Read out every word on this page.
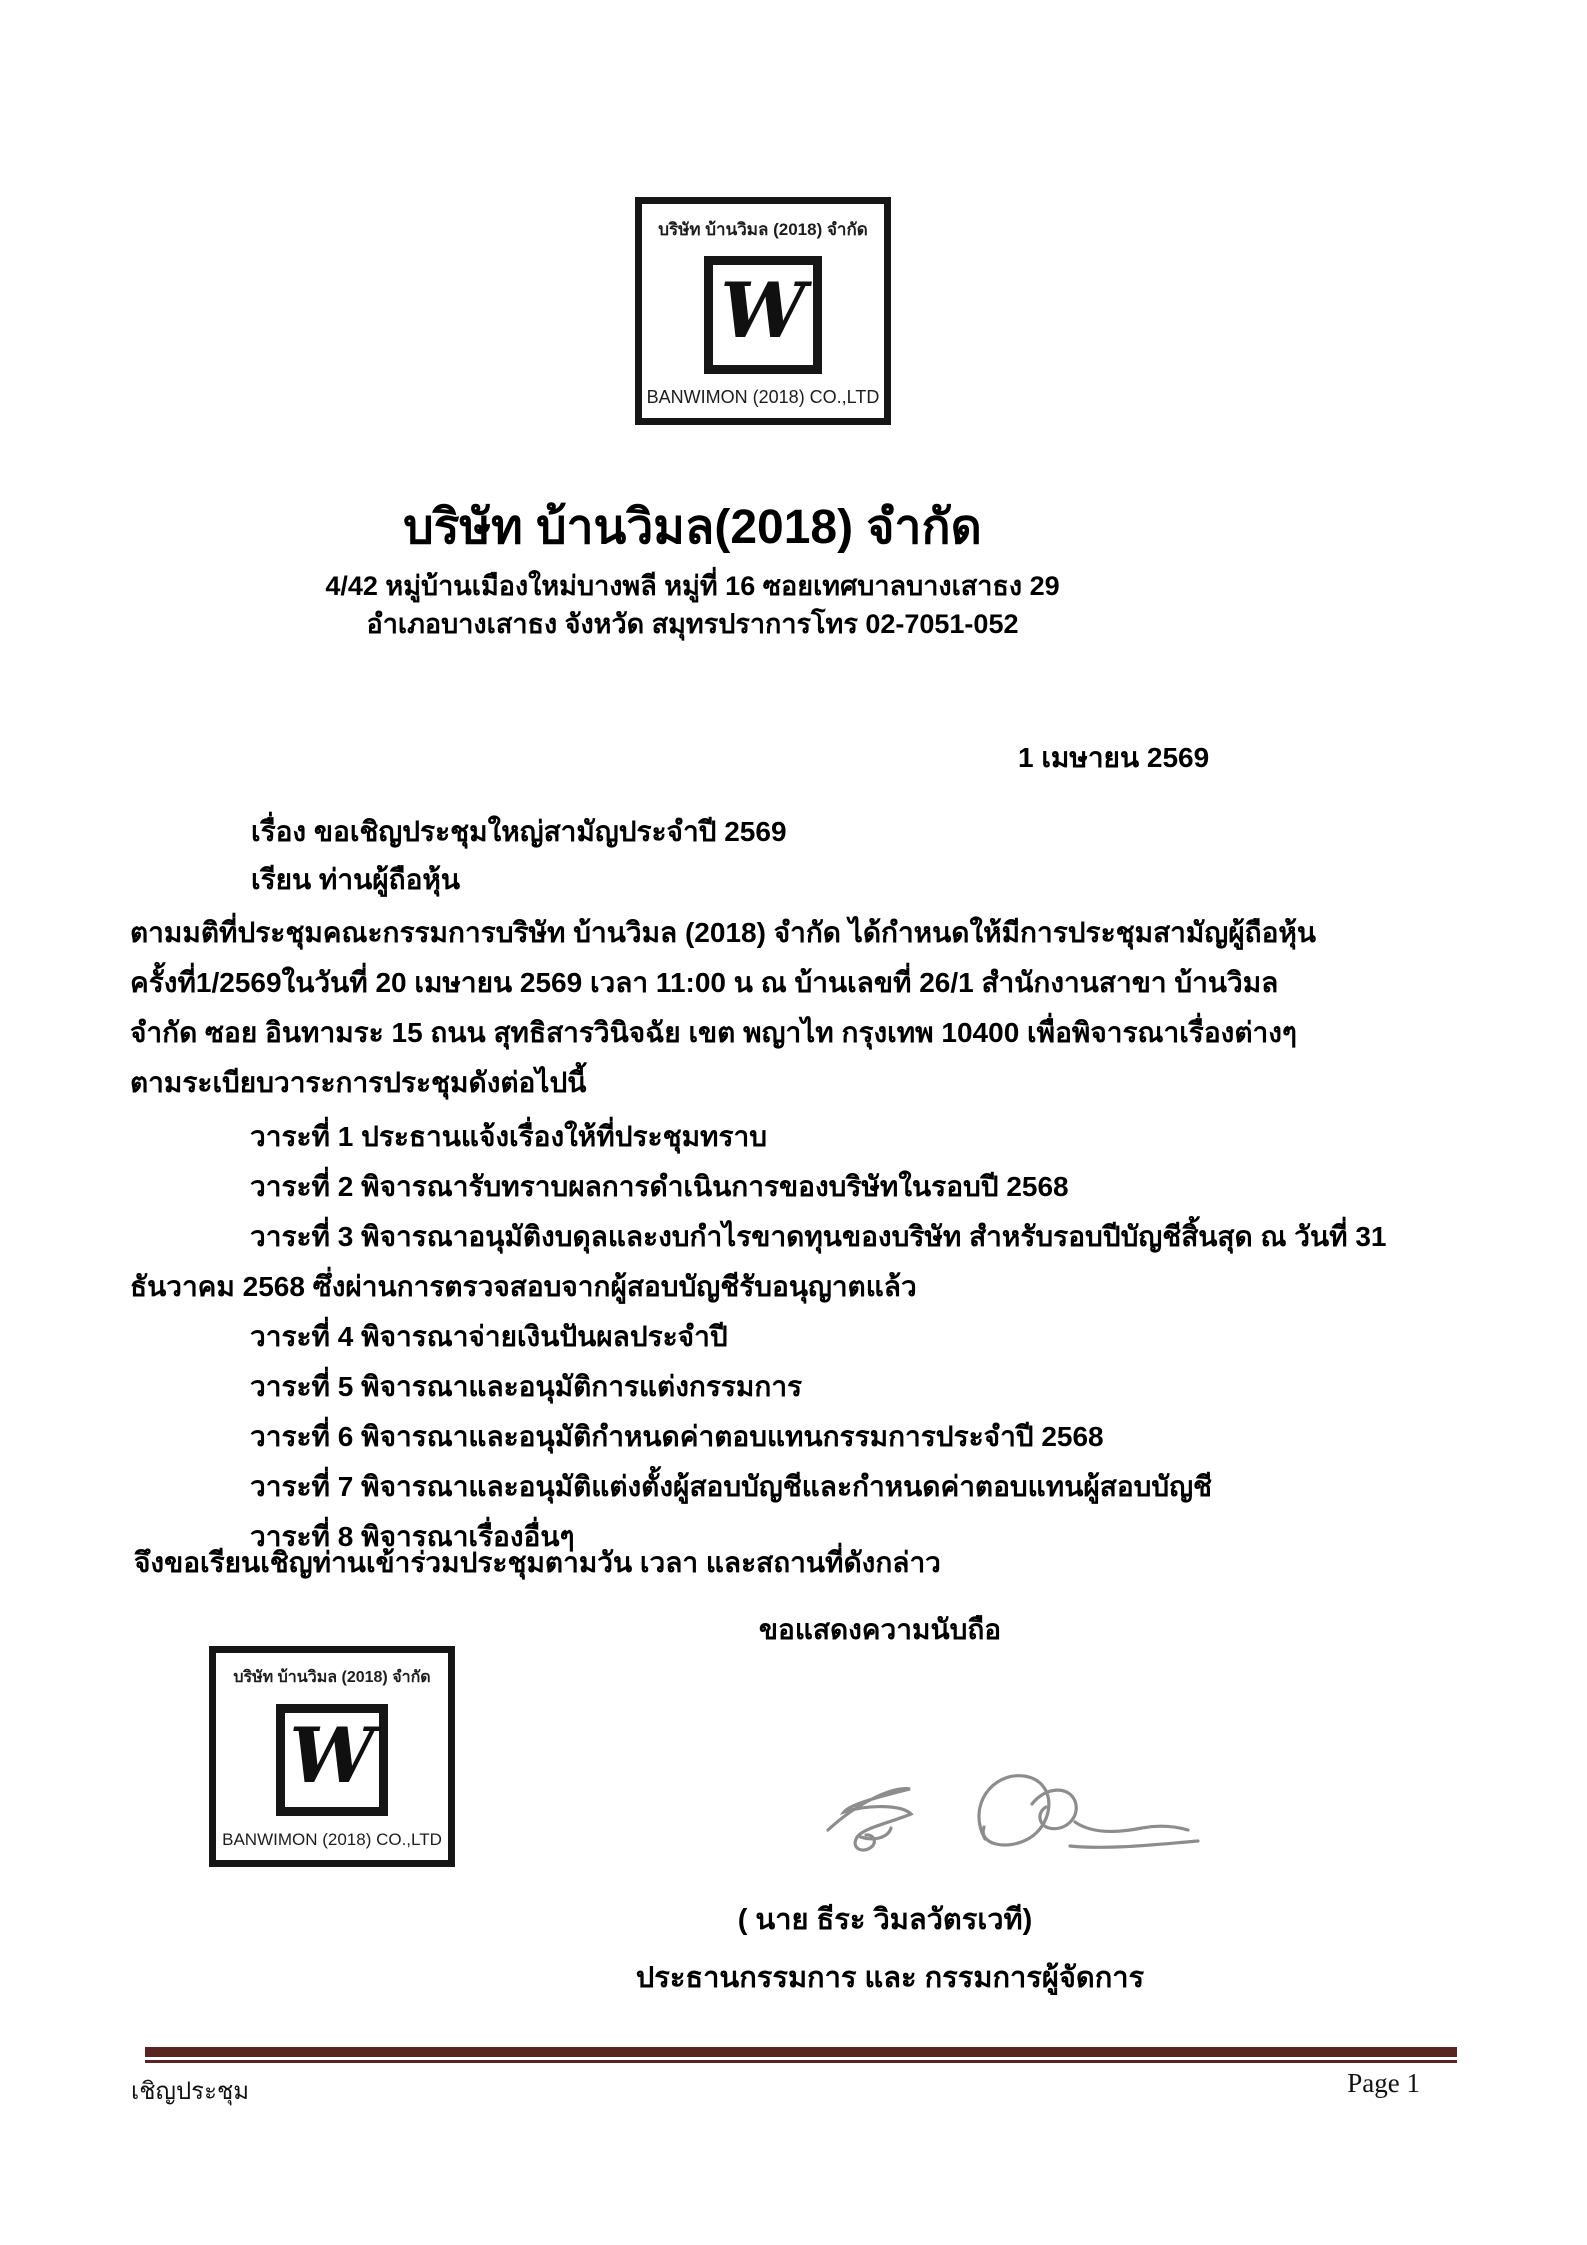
บริษัท บ้านวิมล (2018) จำกัด
W
BANWIMON (2018) CO.,LTD
บริษัท บ้านวิมล(2018) จำกัด
4/42 หมู่บ้านเมืองใหม่บางพลี หมู่ที่ 16 ซอยเทศบาลบางเสาธง 29
อำเภอบางเสาธง จังหวัด สมุทรปราการโทร 02-7051-052
1 เมษายน 2569
เรื่อง ขอเชิญประชุมใหญ่สามัญประจำปี 2569
เรียน ท่านผู้ถือหุ้น
ตามมติที่ประชุมคณะกรรมการบริษัท บ้านวิมล (2018) จำกัด ได้กำหนดให้มีการประชุมสามัญผู้ถือหุ้น
ครั้งที่1/2569ในวันที่ 20 เมษายน 2569 เวลา 11:00 น ณ บ้านเลขที่ 26/1 สำนักงานสาขา บ้านวิมล
จำกัด ซอย อินทามระ 15 ถนน สุทธิสารวินิจฉัย เขต พญาไท กรุงเทพ 10400 เพื่อพิจารณาเรื่องต่างๆ
ตามระเบียบวาระการประชุมดังต่อไปนี้
วาระที่ 1 ประธานแจ้งเรื่องให้ที่ประชุมทราบ
วาระที่ 2 พิจารณารับทราบผลการดำเนินการของบริษัทในรอบปี 2568
วาระที่ 3 พิจารณาอนุมัติงบดุลและงบกำไรขาดทุนของบริษัท สำหรับรอบปีบัญชีสิ้นสุด ณ วันที่ 31
ธันวาคม 2568 ซึ่งผ่านการตรวจสอบจากผู้สอบบัญชีรับอนุญาตแล้ว
วาระที่ 4 พิจารณาจ่ายเงินปันผลประจำปี
วาระที่ 5 พิจารณาและอนุมัติการแต่งกรรมการ
วาระที่ 6 พิจารณาและอนุมัติกำหนดค่าตอบแทนกรรมการประจำปี 2568
วาระที่ 7 พิจารณาและอนุมัติแต่งตั้งผู้สอบบัญชีและกำหนดค่าตอบแทนผู้สอบบัญชี
วาระที่ 8 พิจารณาเรื่องอื่นๆ
จึงขอเรียนเชิญท่านเข้าร่วมประชุมตามวัน เวลา และสถานที่ดังกล่าว
ขอแสดงความนับถือ
บริษัท บ้านวิมล (2018) จำกัด
W
BANWIMON (2018) CO.,LTD
( นาย ธีระ วิมลวัตรเวที)
ประธานกรรมการ และ กรรมการผู้จัดการ
เชิญประชุม	Page 1
